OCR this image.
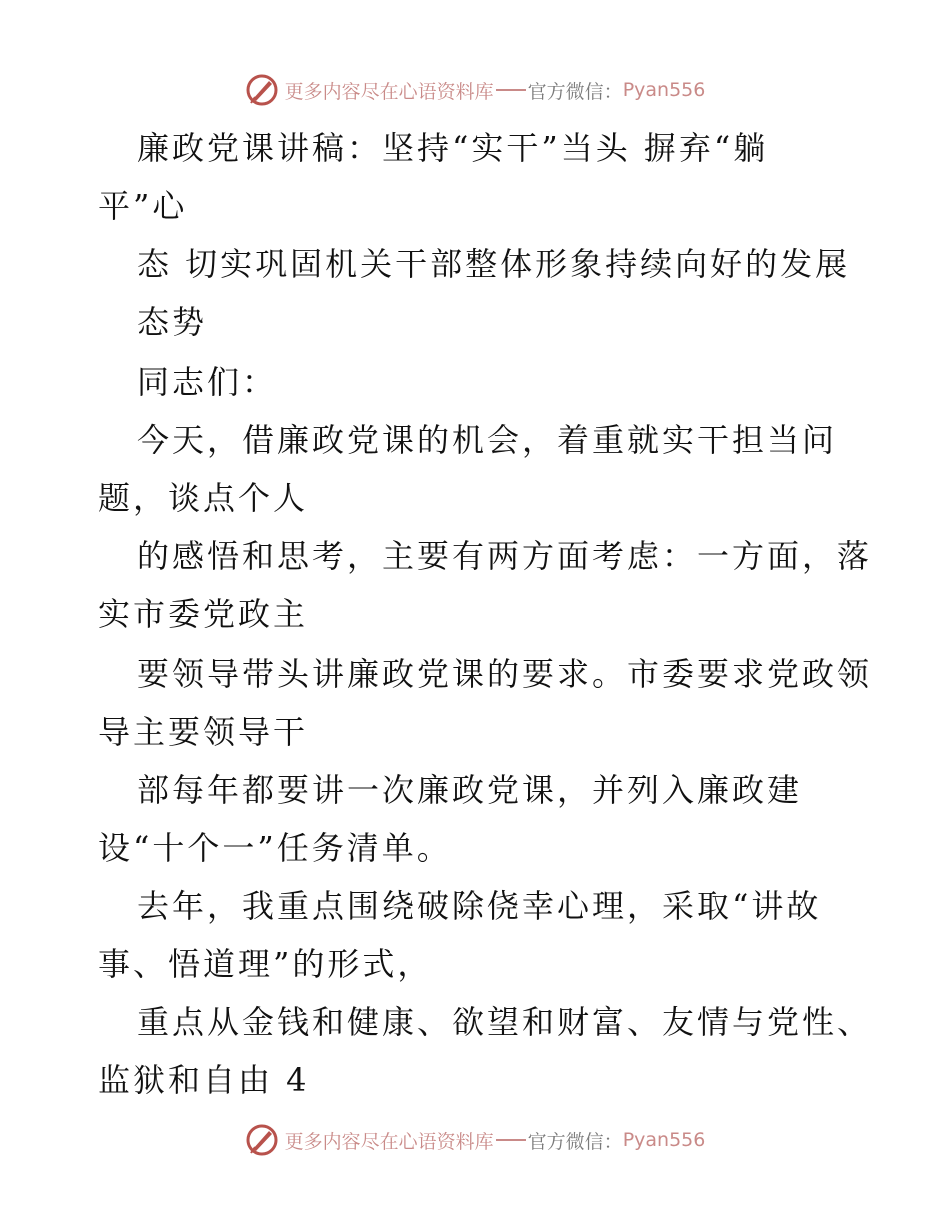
更多内容尽在心语资料库 官方微信： Pyan556
廉政党课讲稿：坚持“实干”当头 摒弃“躺
平”心
态 切实巩固机关干部整体形象持续向好的发展
态势
同志们：
今天，借廉政党课的机会，着重就实干担当问
题，谈点个人
的感悟和思考，主要有两方面考虑：一方面，落
实市委党政主
要领导带头讲廉政党课的要求。市委要求党政领
导主要领导干
部每年都要讲一次廉政党课，并列入廉政建
设“十个一”任务清单。
去年，我重点围绕破除侥幸心理，采取“讲故
事、悟道理”的形式，
重点从金钱和健康、欲望和财富、友情与党性、
监狱和自由 4
更多内容尽在心语资料库 官方微信： Pyan556
